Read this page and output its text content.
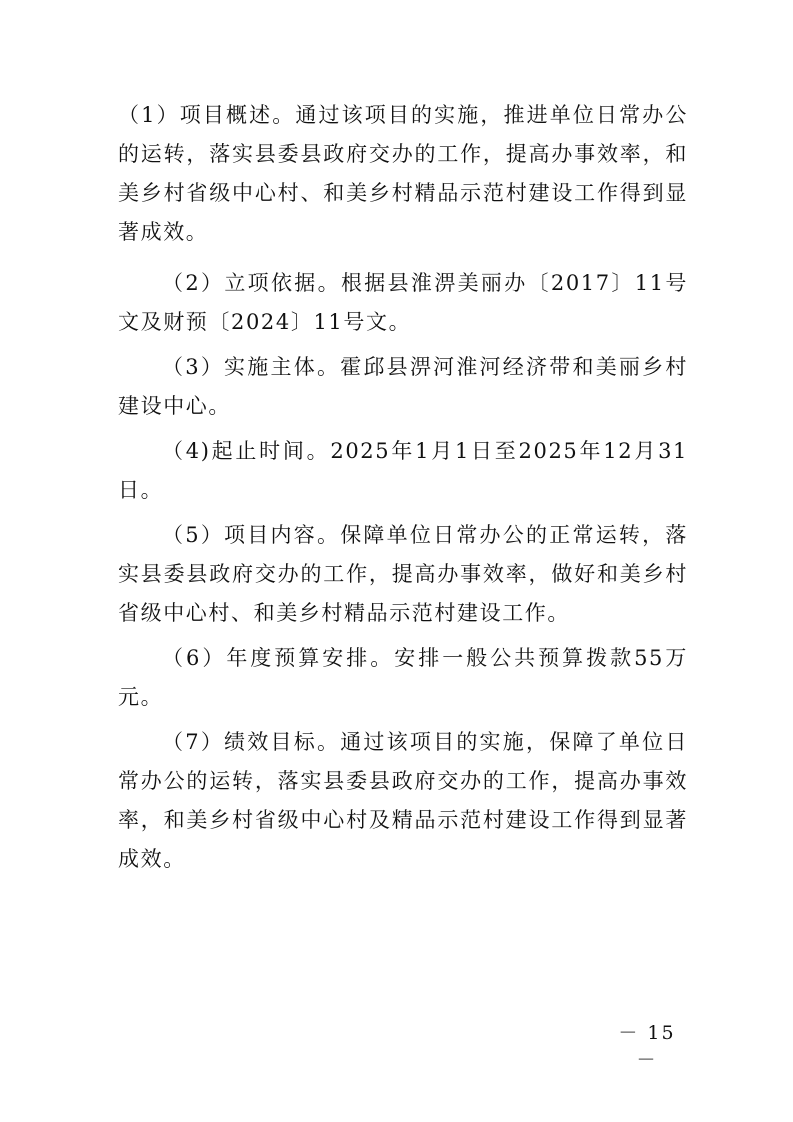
（1）项目概述。通过该项目的实施，推进单位日常办公的运转，落实县委县政府交办的工作，提高办事效率，和美乡村省级中心村、和美乡村精品示范村建设工作得到显著成效。

（2）立项依据。根据县淮淠美丽办〔2017〕11号文及财预〔2024〕11号文。

（3）实施主体。霍邱县淠河淮河经济带和美丽乡村建设中心。

（4)起止时间。2025年1月1日至2025年12月31日。

（5）项目内容。保障单位日常办公的正常运转，落实县委县政府交办的工作，提高办事效率，做好和美乡村省级中心村、和美乡村精品示范村建设工作。

（6）年度预算安排。安排一般公共预算拨款55万元。

（7）绩效目标。通过该项目的实施，保障了单位日常办公的运转，落实县委县政府交办的工作，提高办事效率，和美乡村省级中心村及精品示范村建设工作得到显著成效。

－ 15 －
